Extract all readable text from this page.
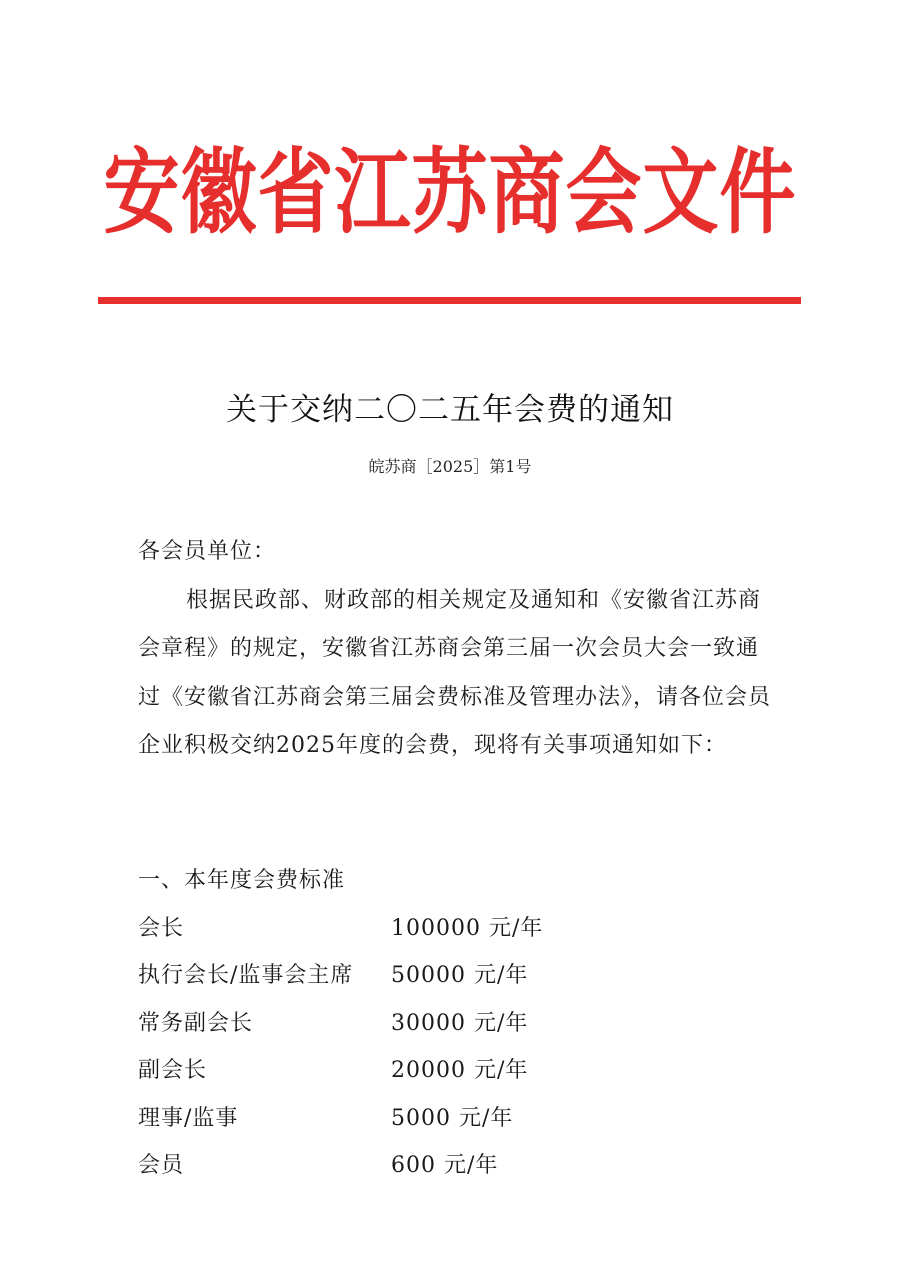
安徽省江苏商会文件
关于交纳二〇二五年会费的通知
皖苏商［2025］第1号

各会员单位：

根据民政部、财政部的相关规定及通知和《安徽省江苏商会章程》的规定，安徽省江苏商会第三届一次会员大会一致通过《安徽省江苏商会第三届会费标准及管理办法》，请各位会员企业积极交纳2025年度的会费，现将有关事项通知如下：

一、本年度会费标准
会长	100000 元/年
执行会长/监事会主席 50000 元/年
常务副会长	30000 元/年
副会长	20000 元/年
理事/监事	5000 元/年
会员	600 元/年
